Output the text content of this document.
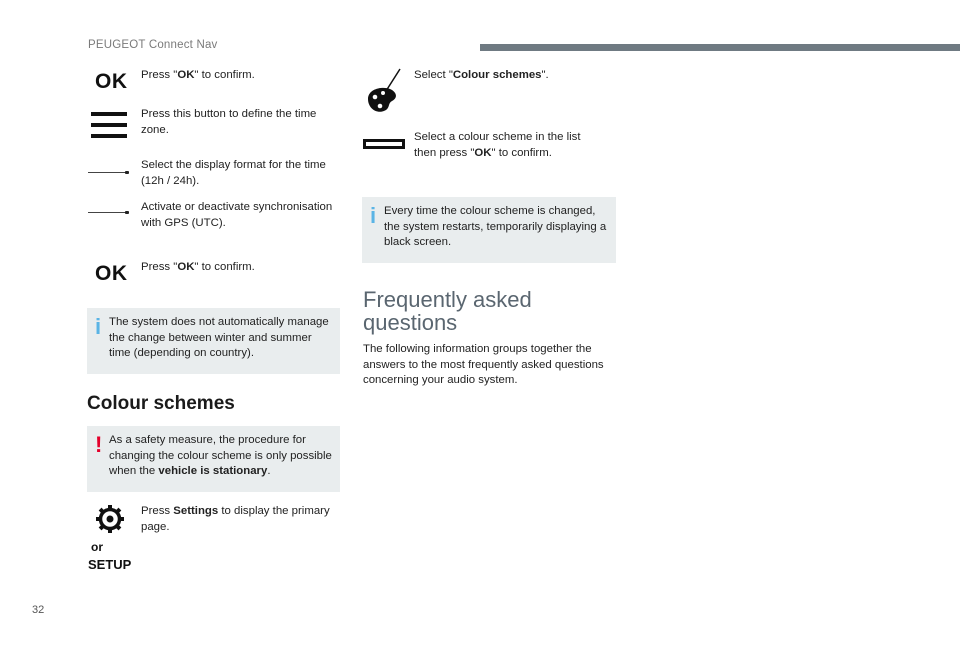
PEUGEOT Connect Nav
OK Press "OK" to confirm.
Press this button to define the time zone.
Select the display format for the time (12h / 24h).
Activate or deactivate synchronisation with GPS (UTC).
OK Press "OK" to confirm.
i The system does not automatically manage the change between winter and summer time (depending on country).
Colour schemes
! As a safety measure, the procedure for changing the colour scheme is only possible when the vehicle is stationary.
Press Settings to display the primary page.
or
SETUP
Select "Colour schemes".
Select a colour scheme in the list then press "OK" to confirm.
i Every time the colour scheme is changed, the system restarts, temporarily displaying a black screen.
Frequently asked questions
The following information groups together the answers to the most frequently asked questions concerning your audio system.
32
